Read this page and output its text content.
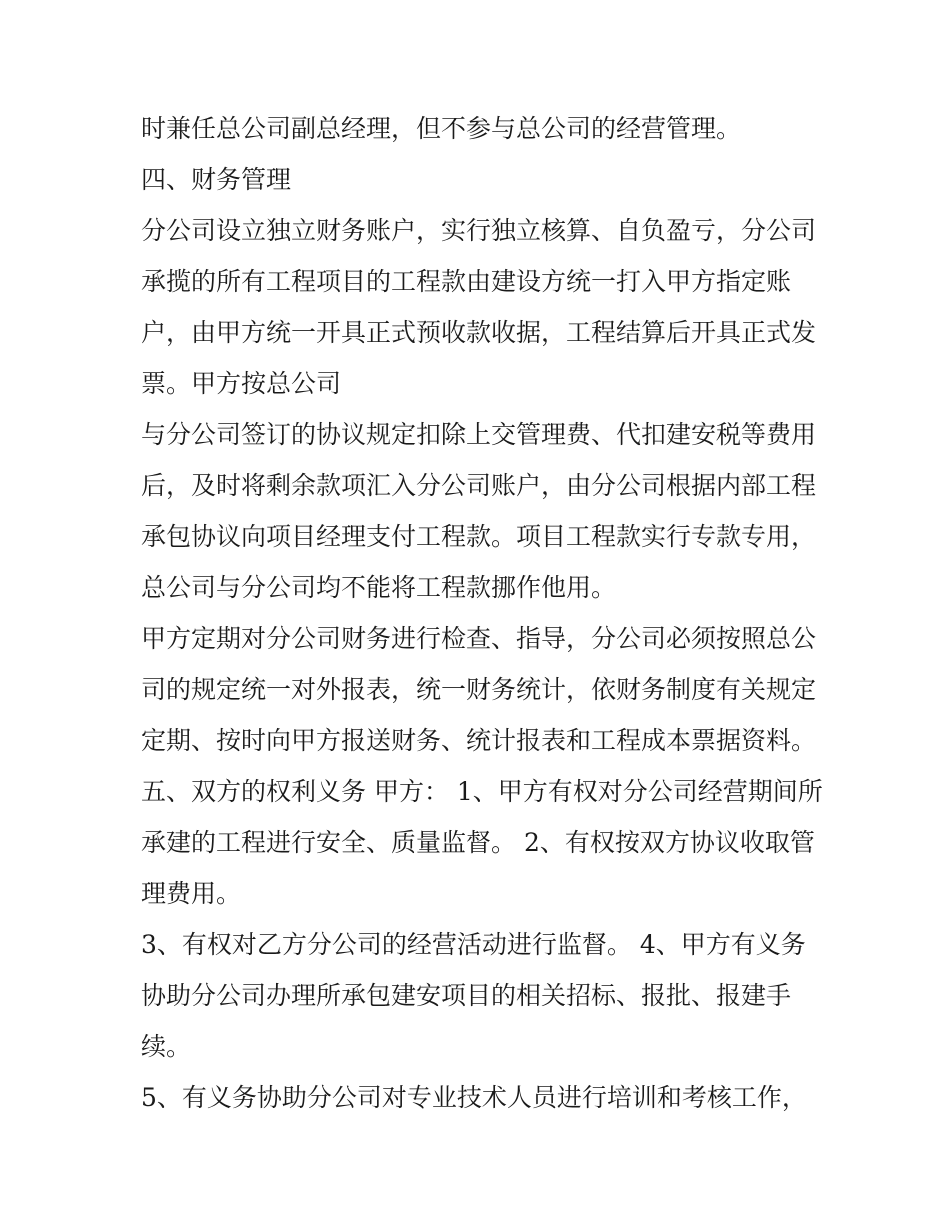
时兼任总公司副总经理，但不参与总公司的经营管理。
四、财务管理
分公司设立独立财务账户，实行独立核算、自负盈亏，分公司
承揽的所有工程项目的工程款由建设方统一打入甲方指定账
户，由甲方统一开具正式预收款收据，工程结算后开具正式发
票。甲方按总公司
与分公司签订的协议规定扣除上交管理费、代扣建安税等费用
后，及时将剩余款项汇入分公司账户，由分公司根据内部工程
承包协议向项目经理支付工程款。项目工程款实行专款专用，
总公司与分公司均不能将工程款挪作他用。
甲方定期对分公司财务进行检查、指导，分公司必须按照总公
司的规定统一对外报表，统一财务统计，依财务制度有关规定
定期、按时向甲方报送财务、统计报表和工程成本票据资料。
五、双方的权利义务 甲方： 1、甲方有权对分公司经营期间所
承建的工程进行安全、质量监督。 2、有权按双方协议收取管
理费用。
3、有权对乙方分公司的经营活动进行监督。 4、甲方有义务
协助分公司办理所承包建安项目的相关招标、报批、报建手
续。
5、有义务协助分公司对专业技术人员进行培训和考核工作，
